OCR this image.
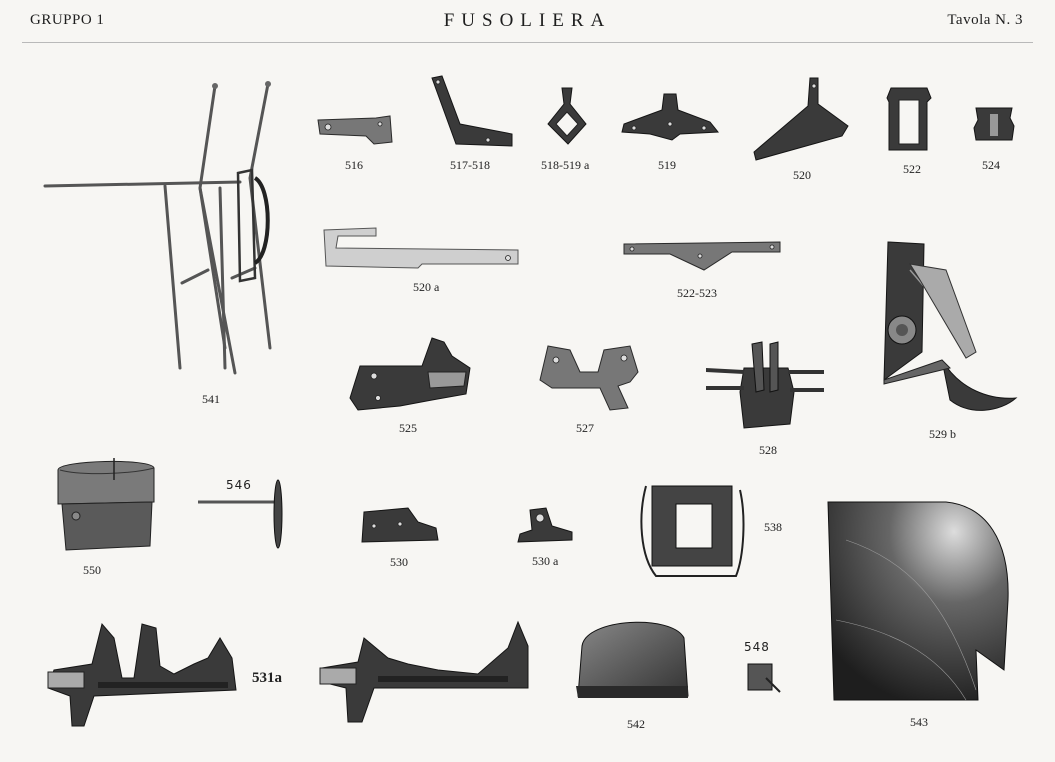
GRUPPO 1	FUSOLIERA	Tavola N. 3
541
516	517-518	518-519 a	519
520	522	524
520 a	522-523
529 b
525	527
528
550
546
530	530 a
538
543
531a
542
548
